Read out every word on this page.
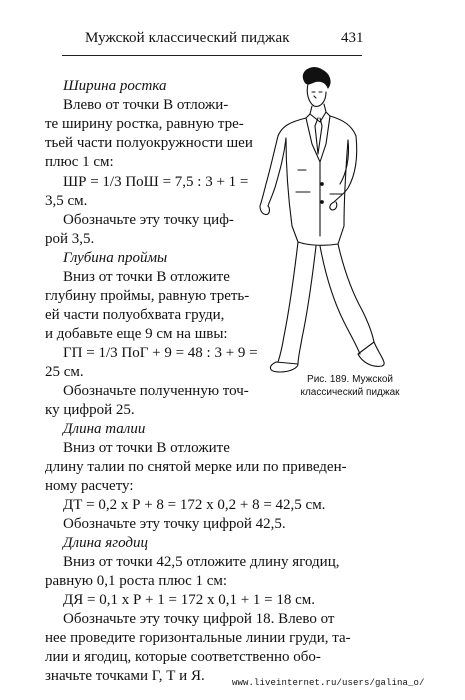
Мужской классический пиджак	431
Ширина ростка
Влево от точки В отложи-
те ширину ростка, равную тре-
тьей части полуокружности шеи
плюс 1 см:
ШР = 1/3 ПоШ = 7,5 : 3 + 1 =
3,5 см.
Обозначьте эту точку циф-
рой 3,5.
Глубина проймы
Вниз от точки В отложите
глубину проймы, равную треть-
ей части полуобхвата груди,
и добавьте еще 9 см на швы:
ГП = 1/3 ПоГ + 9 = 48 : 3 + 9 =
25 см.
Обозначьте полученную точ-
ку цифрой 25.
Длина талии
Вниз от точки В отложите
длину талии по снятой мерке или по приведен-
ному расчету:
ДТ = 0,2 х Р + 8 = 172 х 0,2 + 8 = 42,5 см.
Обозначьте эту точку цифрой 42,5.
Длина ягодиц
Вниз от точки 42,5 отложите длину ягодиц,
равную 0,1 роста плюс 1 см:
ДЯ = 0,1 х Р + 1 = 172 х 0,1 + 1 = 18 см.
Обозначьте эту точку цифрой 18. Влево от
нее проведите горизонтальные линии груди, та-
лии и ягодиц, которые соответственно обо-
значьте точками Г, Т и Я.
Рис. 189. Мужской
классический пиджак
www.liveinternet.ru/users/galina_o/
